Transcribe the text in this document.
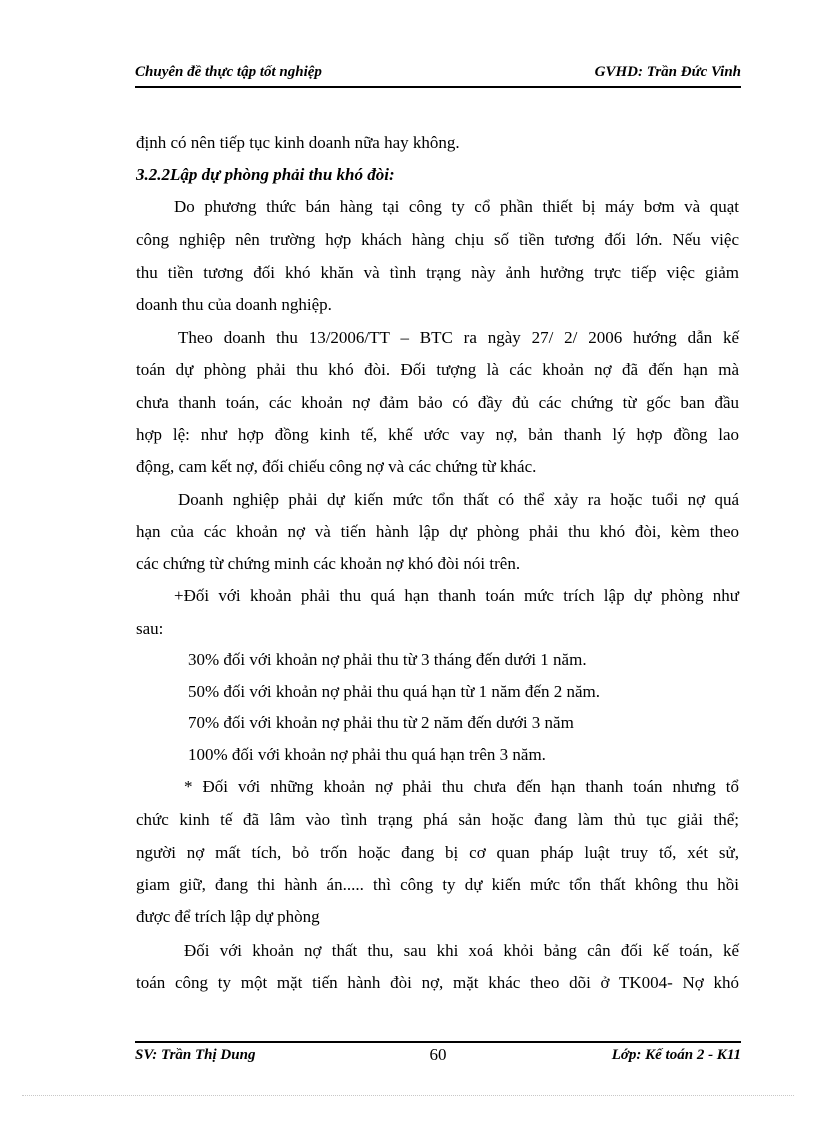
Chuyên đề thực tập tốt nghiệp	GVHD: Trần Đức Vinh
định có nên tiếp tục kinh doanh nữa hay không.
3.2.2Lập dự phòng phải thu khó đòi:
Do phương thức bán hàng tại công ty cổ phần thiết bị máy bơm và quạt
công nghiệp nên trường hợp khách hàng chịu số tiền tương đối lớn. Nếu việc
thu tiền tương đối khó khăn và tình trạng này ảnh hưởng trực tiếp việc giảm
doanh thu của doanh nghiệp.
Theo doanh thu 13/2006/TT – BTC ra ngày 27/ 2/ 2006 hướng dẫn kế
toán dự phòng phải thu khó đòi. Đối tượng là các khoản nợ đã đến hạn mà
chưa thanh toán, các khoản nợ đảm bảo có đầy đủ các chứng từ gốc ban đầu
hợp lệ: như hợp đồng kinh tế, khế ước vay nợ, bản thanh lý hợp đồng lao
động, cam kết nợ, đối chiếu công nợ và các chứng từ khác.
Doanh nghiệp phải dự kiến mức tổn thất có thể xảy ra hoặc tuổi nợ quá
hạn của các khoản nợ và tiến hành lập dự phòng phải thu khó đòi, kèm theo
các chứng từ chứng minh các khoản nợ khó đòi nói trên.
+Đối với khoản phải thu quá hạn thanh toán mức trích lập dự phòng như
sau:
30% đối với khoản nợ phải thu từ 3 tháng đến dưới 1 năm.
50% đối với khoản nợ phải thu quá hạn từ 1 năm đến 2 năm.
70% đối với khoản nợ phải thu từ 2 năm đến dưới 3 năm
100% đối với khoản nợ phải thu quá hạn trên 3 năm.
* Đối với những khoản nợ phải thu chưa đến hạn thanh toán nhưng tổ
chức kinh tế đã lâm vào tình trạng phá sản hoặc đang làm thủ tục giải thể;
người nợ mất tích, bỏ trốn hoặc đang bị cơ quan pháp luật truy tố, xét sử,
giam giữ, đang thi hành án..... thì công ty dự kiến mức tổn thất không thu hồi
được để trích lập dự phòng
Đối với khoản nợ thất thu, sau khi xoá khỏi bảng cân đối kế toán, kế
toán công ty một mặt tiến hành đòi nợ, mặt khác theo dõi ở TK004- Nợ khó
SV: Trần Thị Dung	60	Lớp: Kế toán 2 - K11
